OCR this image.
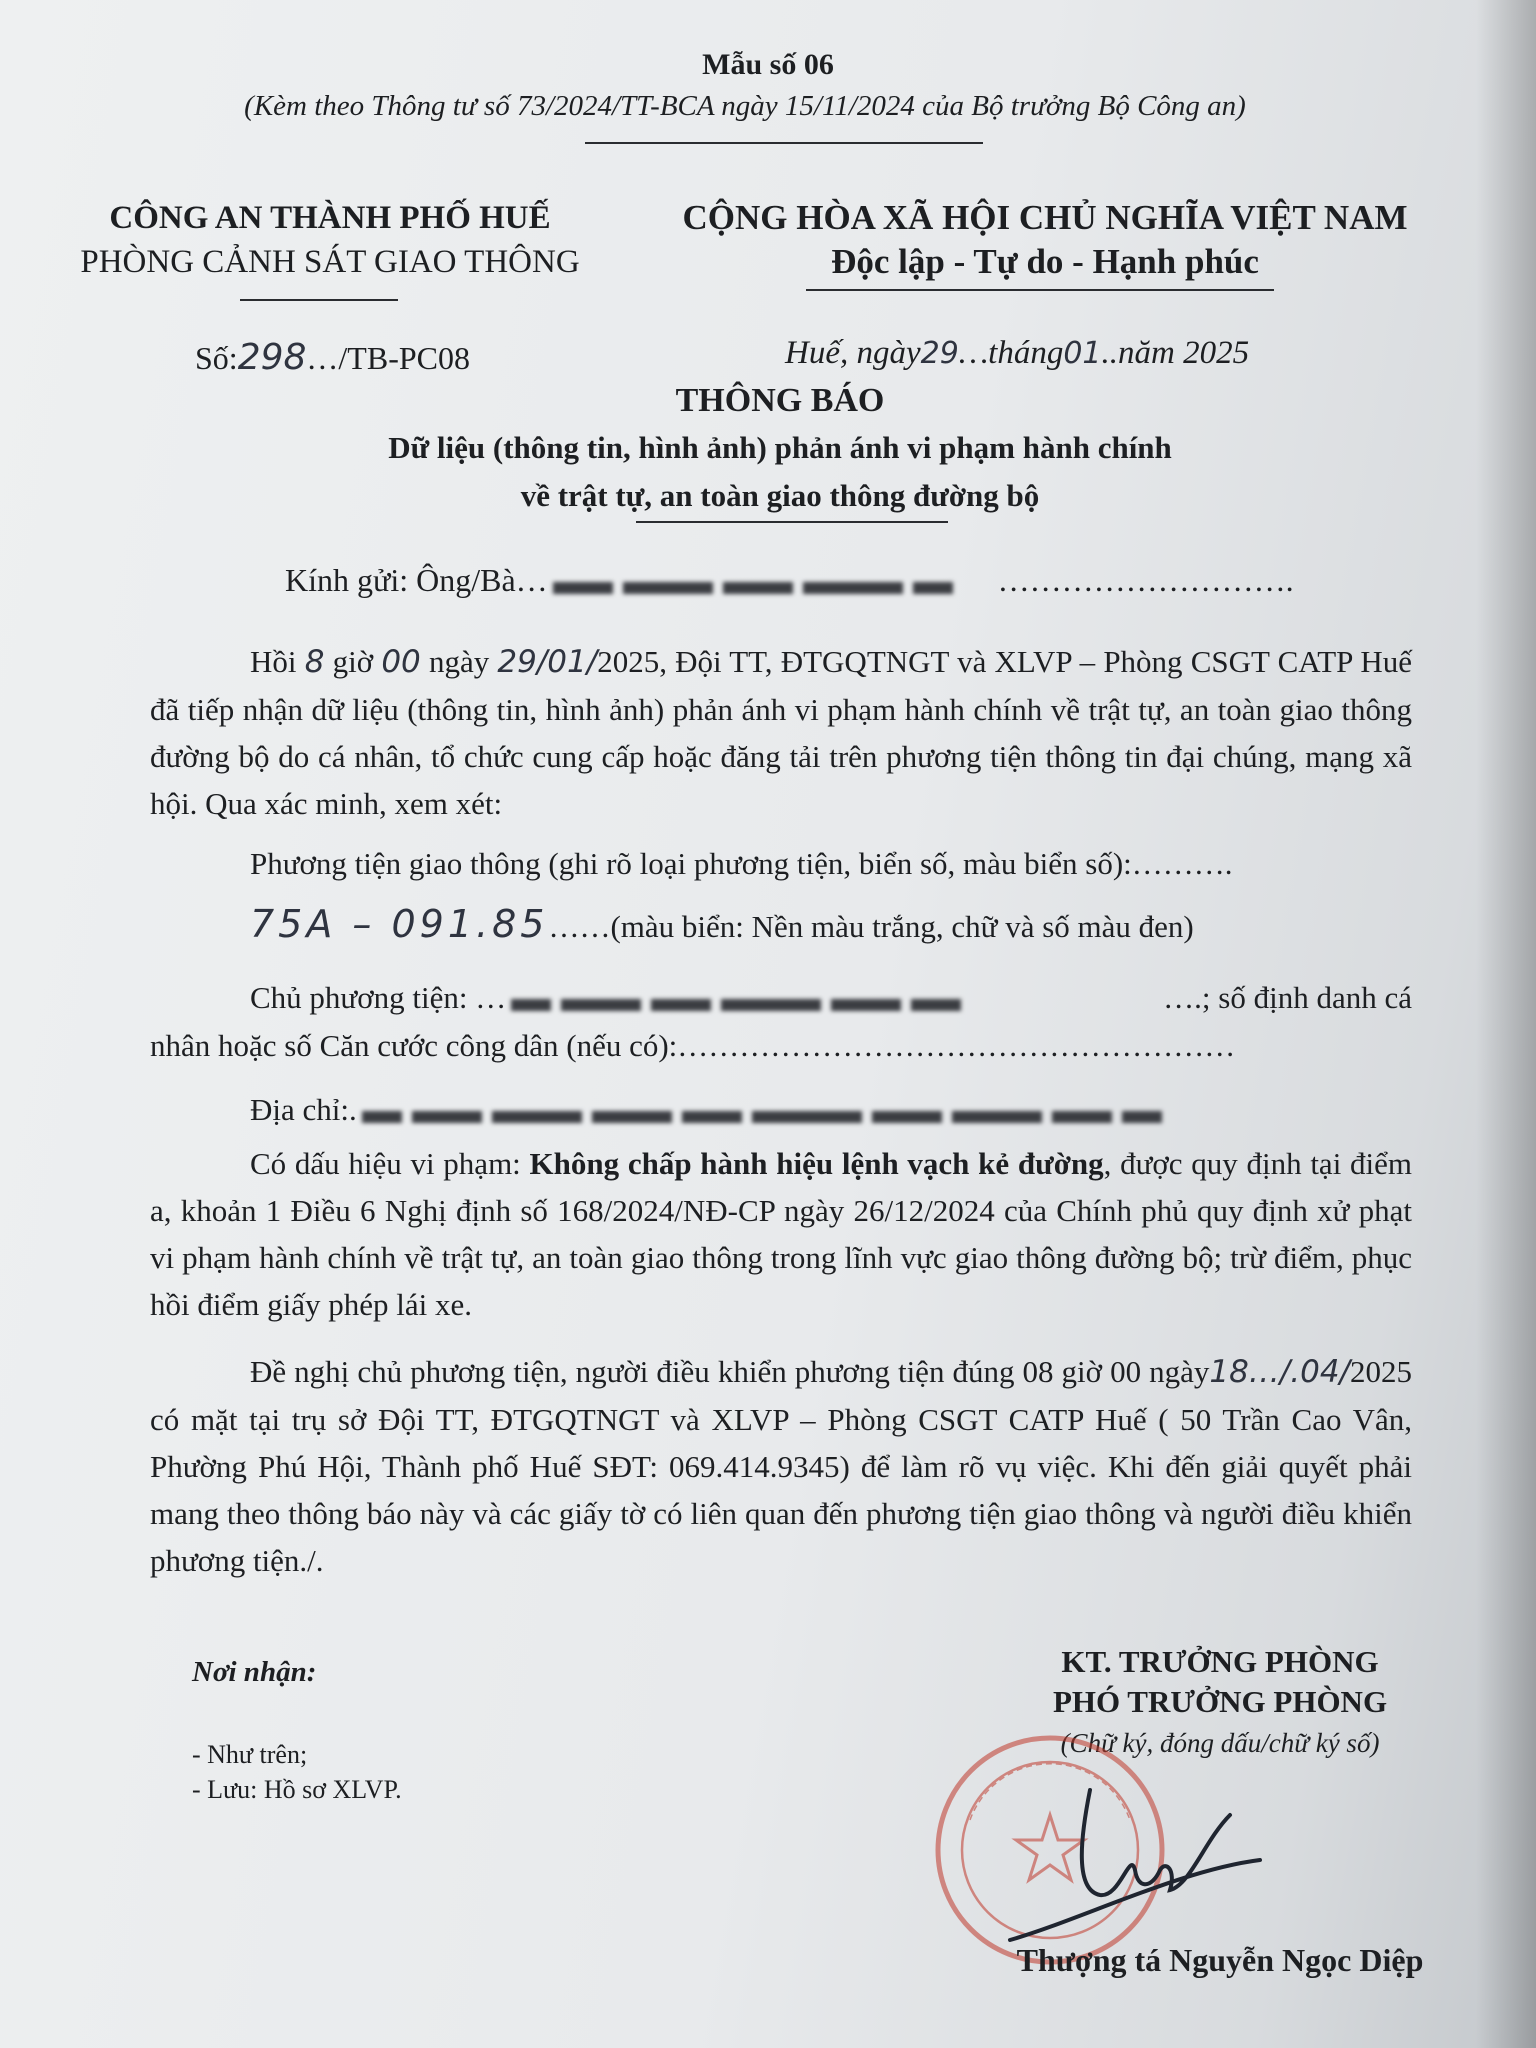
Mẫu số 06
(Kèm theo Thông tư số 73/2024/TT-BCA ngày 15/11/2024 của Bộ trưởng Bộ Công an)
CÔNG AN THÀNH PHỐ HUẾ
PHÒNG CẢNH SÁT GIAO THÔNG
CỘNG HÒA XÃ HỘI CHỦ NGHĨA VIỆT NAM
Độc lập - Tự do - Hạnh phúc
Số:298…/TB-PC08	Huế, ngày29…tháng01..năm 2025
THÔNG BÁO
Dữ liệu (thông tin, hình ảnh) phản ánh vi phạm hành chính
về trật tự, an toàn giao thông đường bộ
Kính gửi: Ông/Bà…	……………………….
Hồi 8 giờ 00 ngày 29/01/2025, Đội TT, ĐTGQTNGT và XLVP – Phòng CSGT CATP Huế đã tiếp nhận dữ liệu (thông tin, hình ảnh) phản ánh vi phạm hành chính về trật tự, an toàn giao thông đường bộ do cá nhân, tổ chức cung cấp hoặc đăng tải trên phương tiện thông tin đại chúng, mạng xã hội. Qua xác minh, xem xét:
Phương tiện giao thông (ghi rõ loại phương tiện, biển số, màu biển số):……….
75A – 091.85……(màu biển: Nền màu trắng, chữ và số màu đen)
Chủ phương tiện: …	….; số định danh cá
nhân hoặc số Căn cước công dân (nếu có):………………………………………………
Địa chỉ:.
Có dấu hiệu vi phạm: Không chấp hành hiệu lệnh vạch kẻ đường, được quy định tại điểm a, khoản 1 Điều 6 Nghị định số 168/2024/NĐ-CP ngày 26/12/2024 của Chính phủ quy định xử phạt vi phạm hành chính về trật tự, an toàn giao thông trong lĩnh vực giao thông đường bộ; trừ điểm, phục hồi điểm giấy phép lái xe.
Đề nghị chủ phương tiện, người điều khiển phương tiện đúng 08 giờ 00 ngày18…/.04/2025 có mặt tại trụ sở Đội TT, ĐTGQTNGT và XLVP – Phòng CSGT CATP Huế ( 50 Trần Cao Vân, Phường Phú Hội, Thành phố Huế SĐT: 069.414.9345) để làm rõ vụ việc. Khi đến giải quyết phải mang theo thông báo này và các giấy tờ có liên quan đến phương tiện giao thông và người điều khiển phương tiện./.
Nơi nhận:
- Như trên;
- Lưu: Hồ sơ XLVP.
KT. TRƯỞNG PHÒNG
PHÓ TRƯỞNG PHÒNG
(Chữ ký, đóng dấu/chữ ký số)
Thượng tá Nguyễn Ngọc Diệp
